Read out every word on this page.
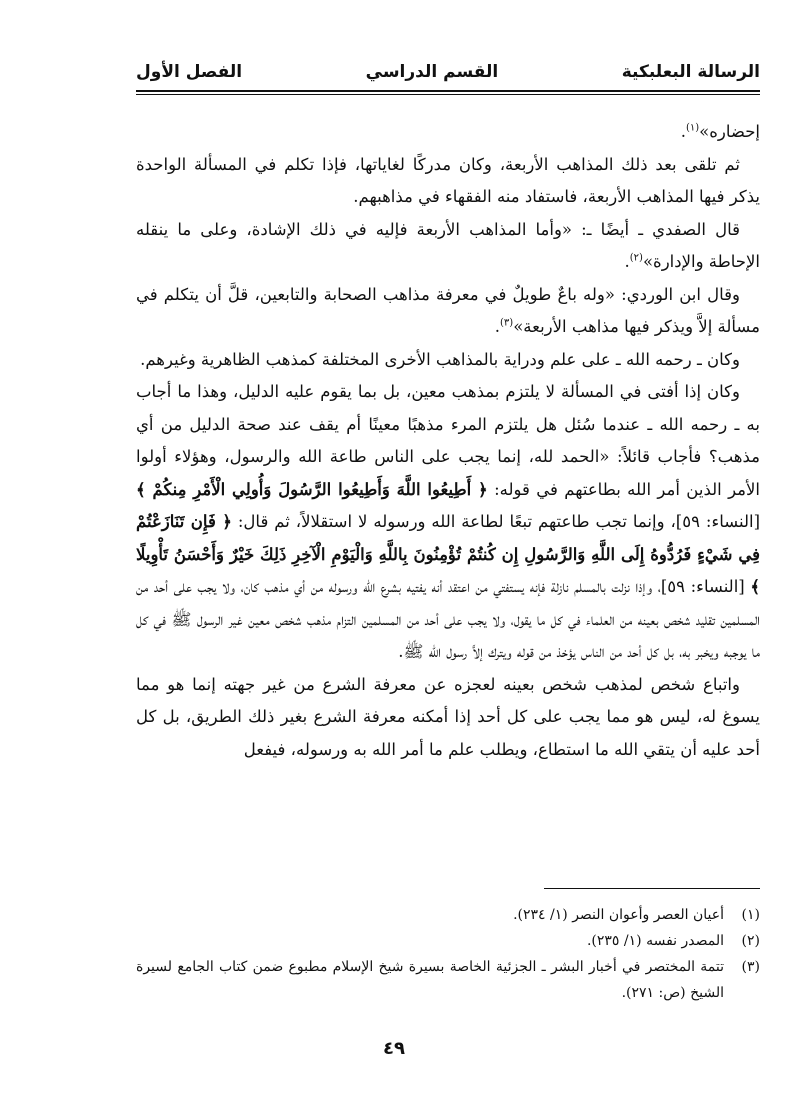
الرسالة البعلبكية
القسم الدراسي
الفصل الأول

إحضاره»$^{(١)}$.

ثم تلقى بعد ذلك المذاهب الأربعة، وكان مدركًا لغاياتها، فإذا تكلم في المسألة الواحدة يذكر فيها المذاهب الأربعة، فاستفاد منه الفقهاء في مذاهبهم.

قال الصفدي ـ أيضًا ـ: «وأما المذاهب الأربعة فإليه في ذلك الإشادة، وعلى ما ينقله الإحاطة والإدارة»$^{(٢)}$.

وقال ابن الوردي: «وله باعٌ طويلٌ في معرفة مذاهب الصحابة والتابعين، قلَّ أن يتكلم في مسألة إلاَّ ويذكر فيها مذاهب الأربعة»$^{(٣)}$.

وكان ـ رحمه الله ـ على علم ودراية بالمذاهب الأخرى المختلفة كمذهب الظاهرية وغيرهم.

وكان إذا أفتى في المسألة لا يلتزم بمذهب معين، بل بما يقوم عليه الدليل، وهذا ما أجاب به ـ رحمه الله ـ عندما سُئل هل يلتزم المرء مذهبًا معينًا أم يقف عند صحة الدليل من أي مذهب؟ فأجاب قائلاً: «الحمد لله، إنما يجب على الناس طاعة الله والرسول، وهؤلاء أولوا الأمر الذين أمر الله بطاعتهم في قوله: ﴿ أَطِيعُوا اللَّهَ وَأَطِيعُوا الرَّسُولَ وَأُولِي الْأَمْرِ مِنكُمْ ﴾ [النساء: ٥٩]، وإنما تجب طاعتهم تبعًا لطاعة الله ورسوله لا استقلالاً، ثم قال: ﴿ فَإِن تَنَازَعْتُمْ فِي شَيْءٍ فَرُدُّوهُ إِلَى اللَّهِ وَالرَّسُولِ إِن كُنتُمْ تُؤْمِنُونَ بِاللَّهِ وَالْيَوْمِ الْآخِرِ ذَلِكَ خَيْرٌ وَأَحْسَنُ تَأْوِيلًا ﴾ [النساء: ٥٩]، وإذا نزلت بالمسلم نازلة فإنه يستفتي من اعتقد أنه يفتيه بشرع الله ورسوله من أي مذهب كان، ولا يجب على أحد من المسلمين تقليد شخص بعينه من العلماء في كل ما يقول، ولا يجب على أحد من المسلمين التزام مذهب شخص معين غير الرسول ﷺ في كل ما يوجبه ويخبر به، بل كل أحد من الناس يؤخذ من قوله ويترك إلاَّ رسول الله ﷺ.

واتباع شخص لمذهب شخص بعينه لعجزه عن معرفة الشرع من غير جهته إنما هو مما يسوغ له، ليس هو مما يجب على كل أحد إذا أمكنه معرفة الشرع بغير ذلك الطريق، بل كل أحد عليه أن يتقي الله ما استطاع، ويطلب علم ما أمر الله به ورسوله، فيفعل

(١)
أعيان العصر وأعوان النصر (١/ ٢٣٤).
(٢)
المصدر نفسه (١/ ٢٣٥).
(٣)
تتمة المختصر في أخبار البشر ـ الجزئية الخاصة بسيرة شيخ الإسلام مطبوع ضمن كتاب الجامع لسيرة الشيخ (ص: ٢٧١).
٤٩
